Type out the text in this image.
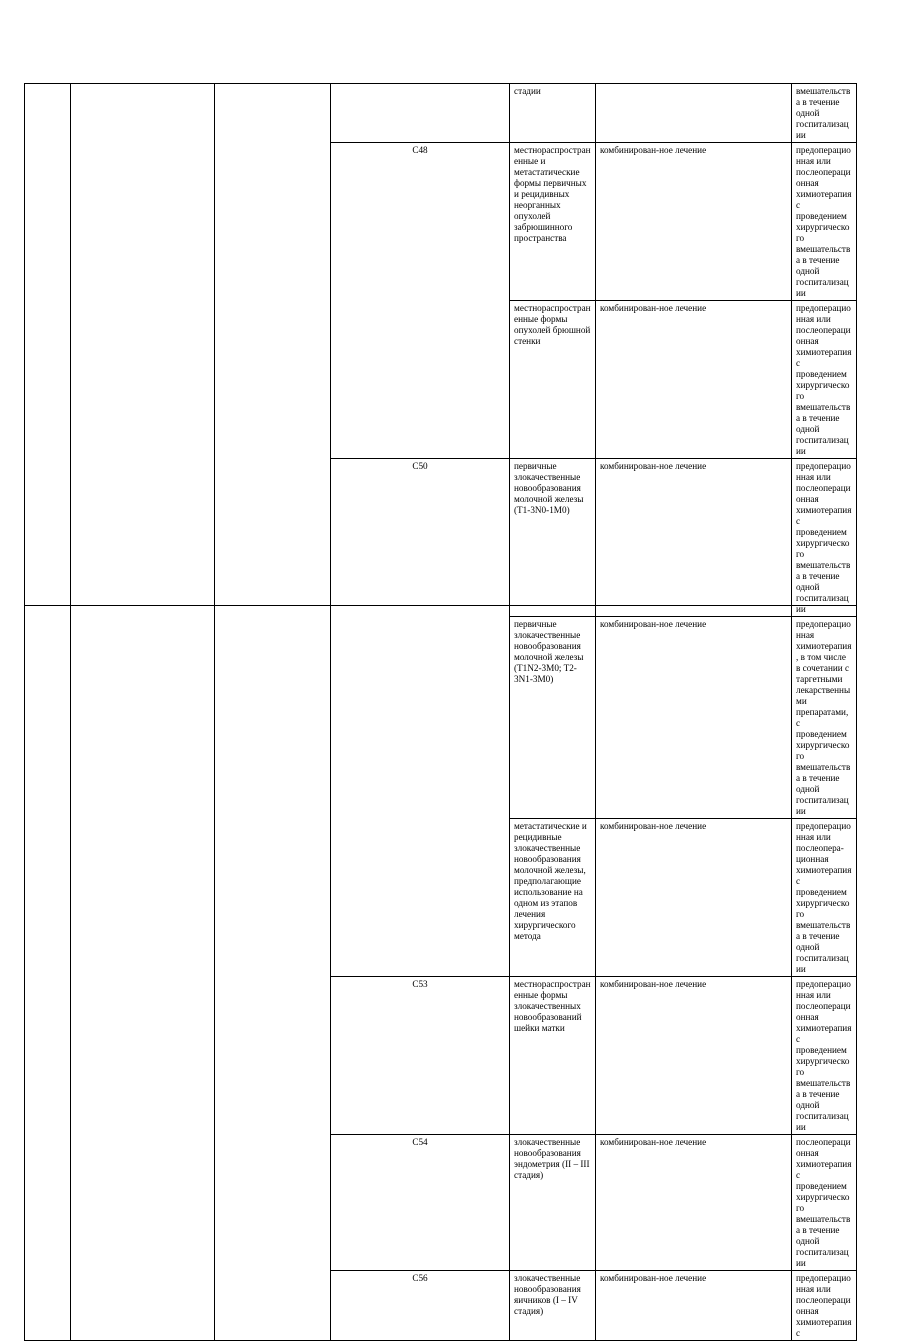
				стадии		вмешательства в течение одной госпитализации	
			C48	местнораспространенные и метастатические формы первичных и рецидивных неорганных опухолей забрюшинного пространства	комбинирован-ное лечение	предоперационная или послеоперационная химиотерапия с проведением хирургического вмешательства в течение одной госпитализации	
				местнораспространенные формы опухолей брюшной стенки	комбинирован-ное лечение	предоперационная или послеоперационная химиотерапия с проведением хирургического вмешательства в течение одной госпитализации	
			C50	первичные злокачественные новообразования молочной железы (T1-3N0-1M0)	комбинирован-ное лечение	предоперационная или послеоперационная химиотерапия с проведением хирургического вмешательства в течение одной госпитализации	
				первичные злокачественные новообразования молочной железы (T1N2-3M0; T2-3N1-3M0)	комбинирован-ное лечение	предоперационная химиотерапия, в том числе в сочетании с таргетными лекарственными препаратами, с проведением хирургического вмешательства в течение одной госпитализации	
				метастатические и рецидивные злокачественные новообразования молочной железы, предполагающие использование на одном из этапов лечения хирургического метода	комбинирован-ное лечение	предоперационная или послеопера-ционная химиотерапия с проведением хирургического вмешательства в течение одной госпитализации	
			C53	местнораспространенные формы злокачественных новообразований шейки матки	комбинирован-ное лечение	предоперационная или послеоперационная химиотерапия с проведением хирургического вмешательства в течение одной госпитализации	
			C54	злокачественные новообразования эндометрия (II – III стадия)	комбинирован-ное лечение	послеоперационная химиотерапия с проведением хирургического вмешательства в течение одной госпитализации	
			C56	злокачественные новообразования яичников (I – IV стадия)	комбинирован-ное лечение	предоперационная или послеоперационная химиотерапия с	
